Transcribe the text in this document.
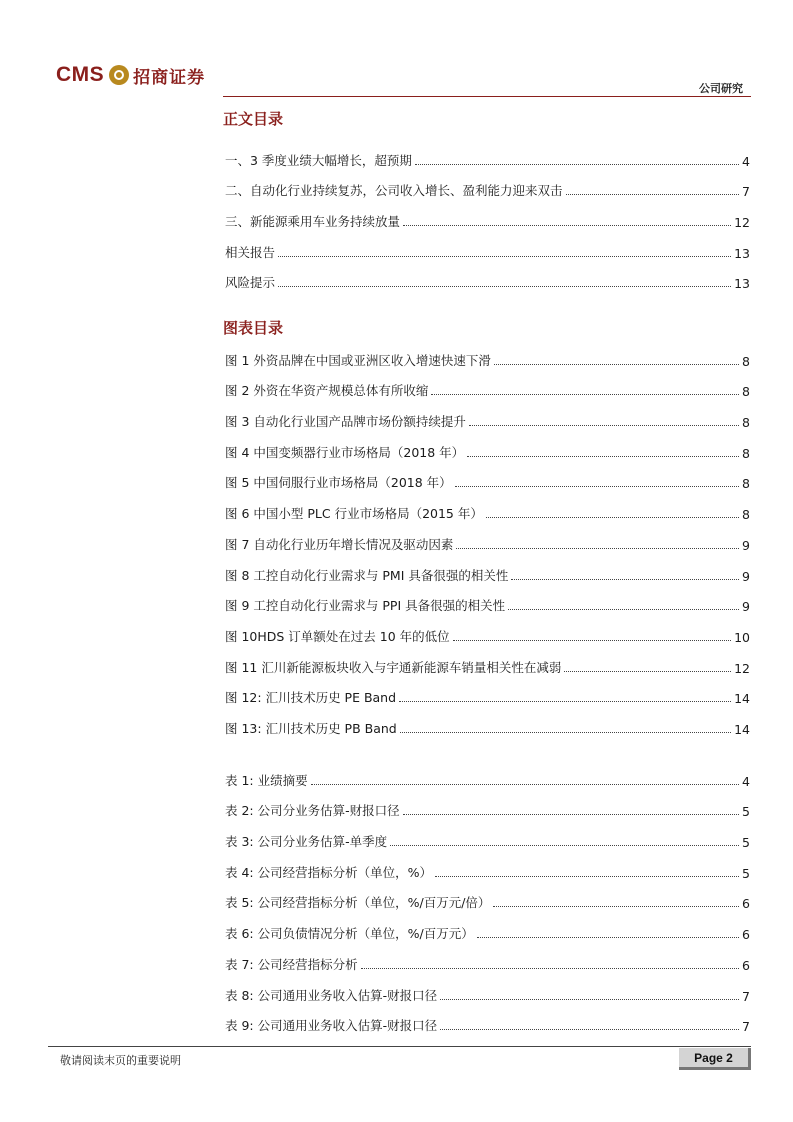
CMS 招商证券
公司研究
正文目录
一、3 季度业绩大幅增长，超预期	4
二、自动化行业持续复苏，公司收入增长、盈利能力迎来双击	7
三、新能源乘用车业务持续放量	12
相关报告	13
风险提示	13
图表目录
图 1 外资品牌在中国或亚洲区收入增速快速下滑	8
图 2 外资在华资产规模总体有所收缩	8
图 3 自动化行业国产品牌市场份额持续提升	8
图 4 中国变频器行业市场格局（2018 年）	8
图 5 中国伺服行业市场格局（2018 年）	8
图 6 中国小型 PLC 行业市场格局（2015 年）	8
图 7 自动化行业历年增长情况及驱动因素	9
图 8 工控自动化行业需求与 PMI 具备很强的相关性	9
图 9 工控自动化行业需求与 PPI 具备很强的相关性	9
图 10HDS 订单额处在过去 10 年的低位	10
图 11 汇川新能源板块收入与宇通新能源车销量相关性在减弱	12
图 12: 汇川技术历史 PE Band	14
图 13: 汇川技术历史 PB Band	14
表 1: 业绩摘要	4
表 2: 公司分业务估算-财报口径	5
表 3: 公司分业务估算-单季度	5
表 4: 公司经营指标分析（单位，%）	5
表 5: 公司经营指标分析（单位，%/百万元/倍）	6
表 6: 公司负债情况分析（单位，%/百万元）	6
表 7: 公司经营指标分析	6
表 8: 公司通用业务收入估算-财报口径	7
表 9: 公司通用业务收入估算-财报口径	7
敬请阅读末页的重要说明	Page 2
